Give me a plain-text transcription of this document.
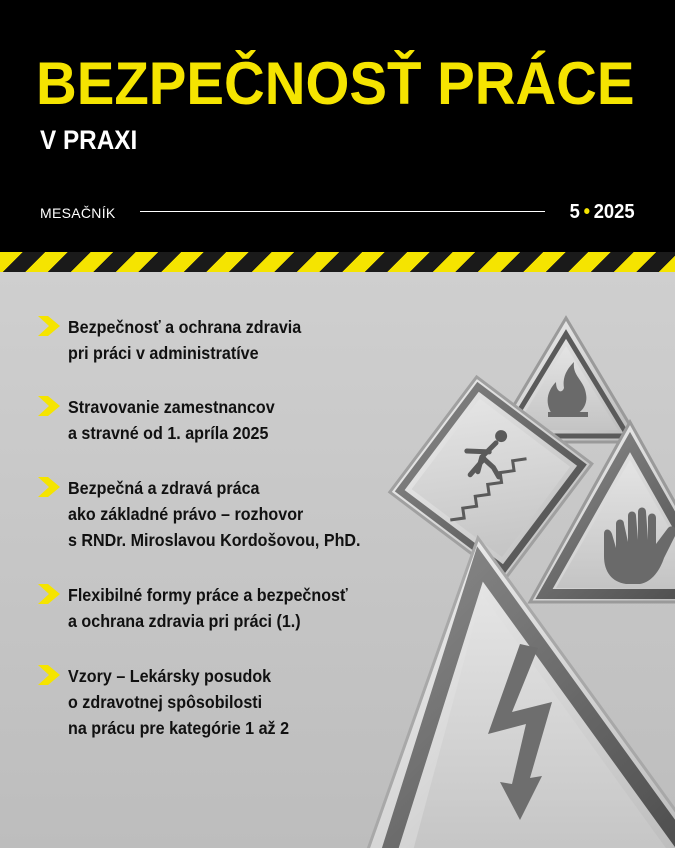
BEZPEČNOSŤ PRÁCE
V PRAXI
MESAČNÍK	5 • 2025
Bezpečnosť a ochrana zdravia
pri práci v administratíve
Stravovanie zamestnancov
a stravné od 1. apríla 2025
Bezpečná a zdravá práca
ako základné právo – rozhovor
s RNDr. Miroslavou Kordošovou, PhD.
Flexibilné formy práce a bezpečnosť
a ochrana zdravia pri práci (1.)
Vzory – Lekársky posudok
o zdravotnej spôsobilosti
na prácu pre kategórie 1 až 2
